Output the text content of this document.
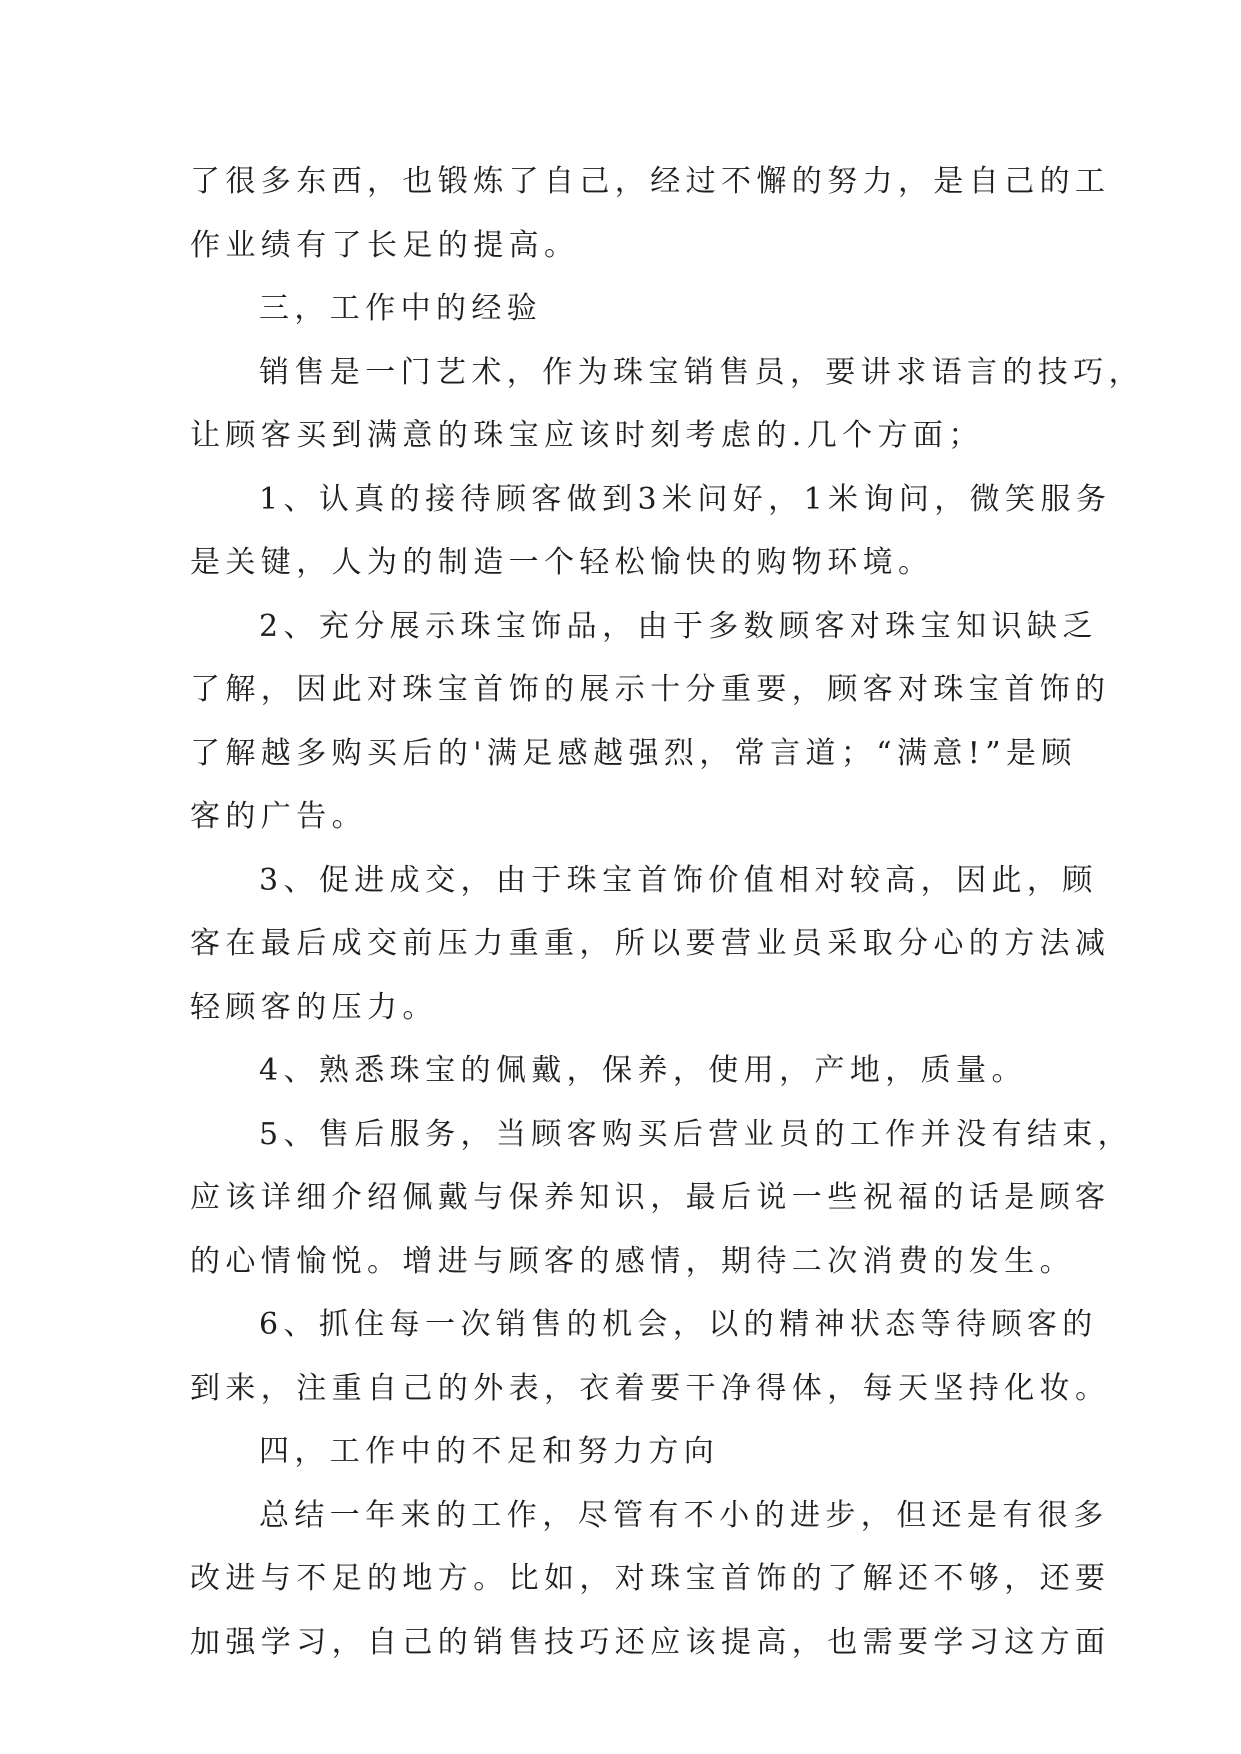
了很多东西，也锻炼了自己，经过不懈的努力，是自己的工
作业绩有了长足的提高。
三，工作中的经验
销售是一门艺术，作为珠宝销售员，要讲求语言的技巧，
让顾客买到满意的珠宝应该时刻考虑的.几个方面；
1、认真的接待顾客做到3米问好，1米询问，微笑服务
是关键，人为的制造一个轻松愉快的购物环境。
2、充分展示珠宝饰品，由于多数顾客对珠宝知识缺乏
了解，因此对珠宝首饰的展示十分重要，顾客对珠宝首饰的
了解越多购买后的'满足感越强烈，常言道；“满意!”是顾
客的广告。
3、促进成交，由于珠宝首饰价值相对较高，因此，顾
客在最后成交前压力重重，所以要营业员采取分心的方法减
轻顾客的压力。
4、熟悉珠宝的佩戴，保养，使用，产地，质量。
5、售后服务，当顾客购买后营业员的工作并没有结束，
应该详细介绍佩戴与保养知识，最后说一些祝福的话是顾客
的心情愉悦。增进与顾客的感情，期待二次消费的发生。
6、抓住每一次销售的机会，以的精神状态等待顾客的
到来，注重自己的外表，衣着要干净得体，每天坚持化妆。
四，工作中的不足和努力方向
总结一年来的工作，尽管有不小的进步，但还是有很多
改进与不足的地方。比如，对珠宝首饰的了解还不够，还要
加强学习，自己的销售技巧还应该提高，也需要学习这方面
